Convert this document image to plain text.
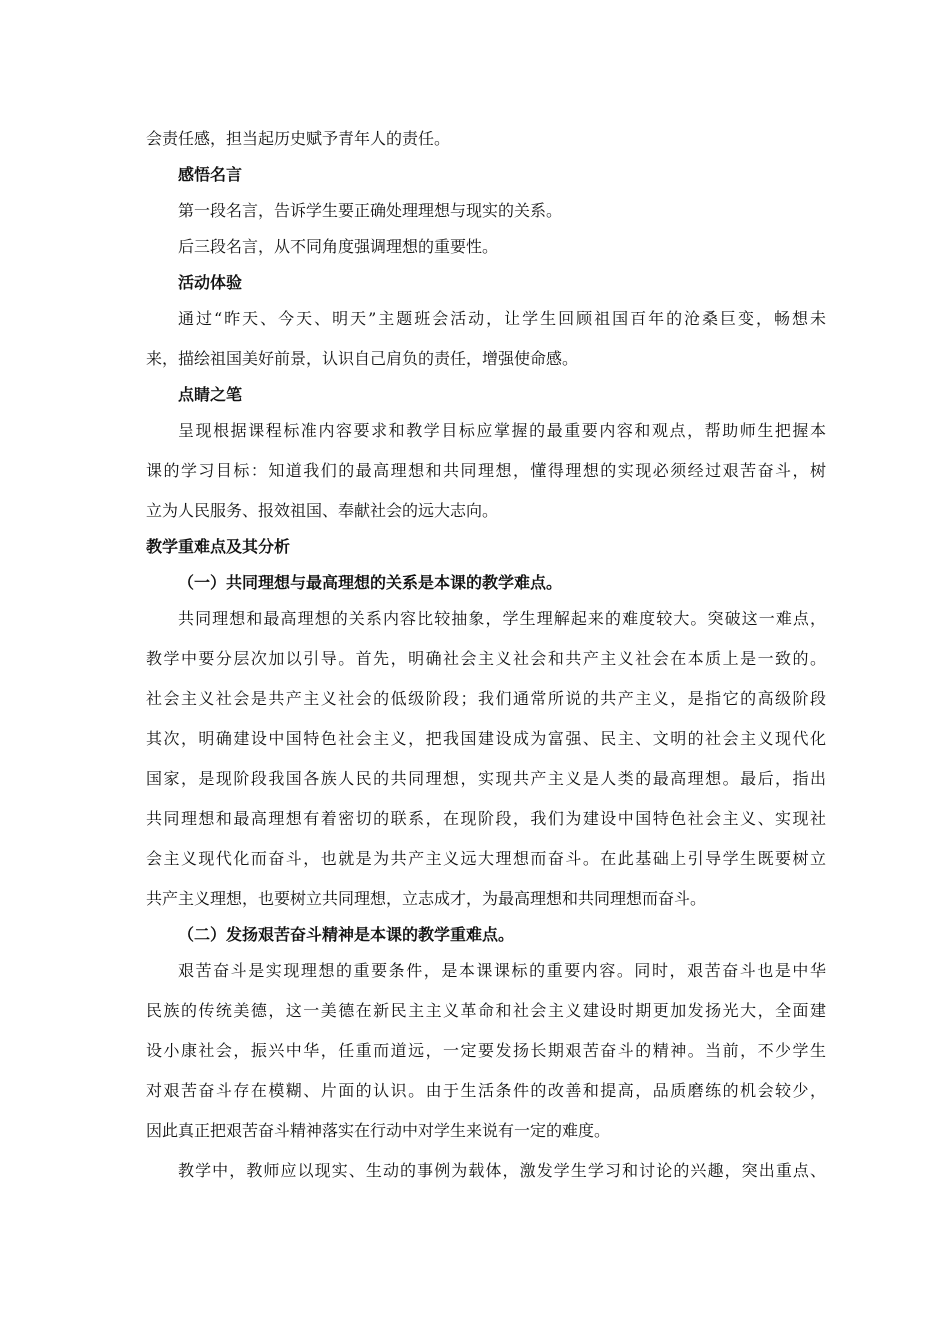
会责任感，担当起历史赋予青年人的责任。
感悟名言
第一段名言，告诉学生要正确处理理想与现实的关系。
后三段名言，从不同角度强调理想的重要性。
活动体验
通过“昨天、今天、明天”主题班会活动，让学生回顾祖国百年的沧桑巨变，畅想未
来，描绘祖国美好前景，认识自己肩负的责任，增强使命感。
点睛之笔
呈现根据课程标准内容要求和教学目标应掌握的最重要内容和观点，帮助师生把握本
课的学习目标：知道我们的最高理想和共同理想，懂得理想的实现必须经过艰苦奋斗，树
立为人民服务、报效祖国、奉献社会的远大志向。
教学重难点及其分析
（一）共同理想与最高理想的关系是本课的教学难点。
共同理想和最高理想的关系内容比较抽象，学生理解起来的难度较大。突破这一难点，
教学中要分层次加以引导。首先，明确社会主义社会和共产主义社会在本质上是一致的。
社会主义社会是共产主义社会的低级阶段；我们通常所说的共产主义，是指它的高级阶段
其次，明确建设中国特色社会主义，把我国建设成为富强、民主、文明的社会主义现代化
国家，是现阶段我国各族人民的共同理想，实现共产主义是人类的最高理想。最后，指出
共同理想和最高理想有着密切的联系，在现阶段，我们为建设中国特色社会主义、实现社
会主义现代化而奋斗，也就是为共产主义远大理想而奋斗。在此基础上引导学生既要树立
共产主义理想，也要树立共同理想，立志成才，为最高理想和共同理想而奋斗。
（二）发扬艰苦奋斗精神是本课的教学重难点。
艰苦奋斗是实现理想的重要条件，是本课课标的重要内容。同时，艰苦奋斗也是中华
民族的传统美德，这一美德在新民主主义革命和社会主义建设时期更加发扬光大，全面建
设小康社会，振兴中华，任重而道远，一定要发扬长期艰苦奋斗的精神。当前，不少学生
对艰苦奋斗存在模糊、片面的认识。由于生活条件的改善和提高，品质磨练的机会较少，
因此真正把艰苦奋斗精神落实在行动中对学生来说有一定的难度。
教学中，教师应以现实、生动的事例为载体，激发学生学习和讨论的兴趣，突出重点、
